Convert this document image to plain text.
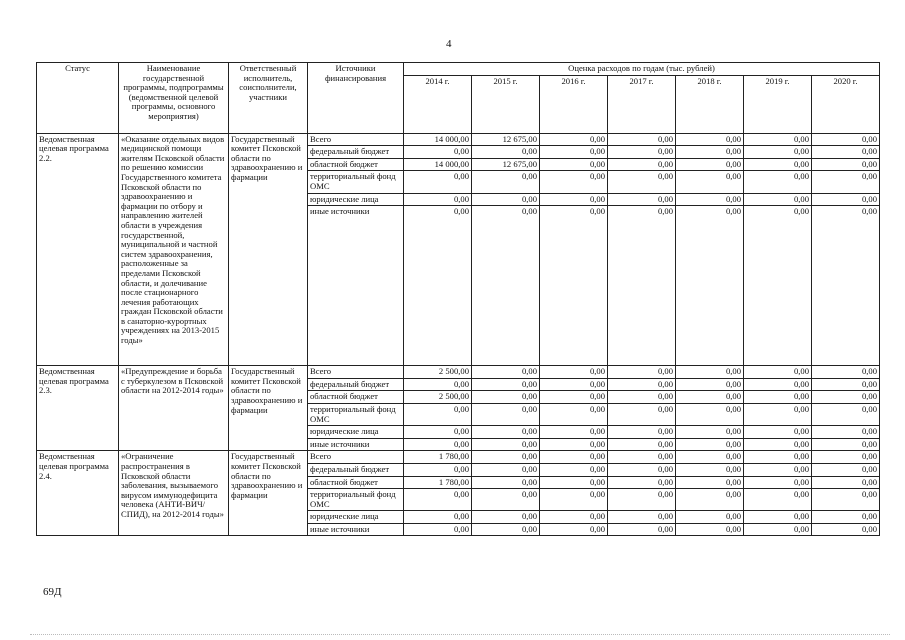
4
Статус	Наименование государственной программы, подпрограммы (ведомственной целевой программы, основного мероприятия)	Ответственный исполнитель, соисполнители, участники	Источники финансирования	Оценка расходов по годам (тыс. рублей)						
				2014 г.	2015 г.	2016 г.	2017 г.	2018 г.	2019 г.	2020 г.
Ведомственная целевая программа 2.2.	«Оказание отдельных видов медицинской помощи жителям Псковской области по решению комиссии Государственного комитета Псковской области по здравоохранению и фармации по отбору и направлению жителей области в учреждения государственной, муниципальной и частной систем здравоохранения, расположенные за пределами Псковской области, и долечивание после стационарного лечения работающих граждан Псковской области в санаторно-курортных учреждениях на 2013-2015 годы»	Государственный комитет Псковской области по здравоохранению и фармации	Всего	14 000,00	12 675,00	0,00	0,00	0,00	0,00	0,00
			федеральный бюджет	0,00	0,00	0,00	0,00	0,00	0,00	0,00
			областной бюджет	14 000,00	12 675,00	0,00	0,00	0,00	0,00	0,00
			территориальный фонд ОМС	0,00	0,00	0,00	0,00	0,00	0,00	0,00
			юридические лица	0,00	0,00	0,00	0,00	0,00	0,00	0,00
			иные источники	0,00	0,00	0,00	0,00	0,00	0,00	0,00
Ведомственная целевая программа 2.3.	«Предупреждение и борьба с туберкулезом в Псковской области на 2012-2014 годы»	Государственный комитет Псковской области по здравоохранению и фармации	Всего	2 500,00	0,00	0,00	0,00	0,00	0,00	0,00
			федеральный бюджет	0,00	0,00	0,00	0,00	0,00	0,00	0,00
			областной бюджет	2 500,00	0,00	0,00	0,00	0,00	0,00	0,00
			территориальный фонд ОМС	0,00	0,00	0,00	0,00	0,00	0,00	0,00
			юридические лица	0,00	0,00	0,00	0,00	0,00	0,00	0,00
			иные источники	0,00	0,00	0,00	0,00	0,00	0,00	0,00
Ведомственная целевая программа 2.4.	«Ограничение распространения в Псковской области заболевания, вызываемого вирусом иммунодефицита человека (АНТИ-ВИЧ/ СПИД), на 2012-2014 годы»	Государственный комитет Псковской области по здравоохранению и фармации	Всего	1 780,00	0,00	0,00	0,00	0,00	0,00	0,00
			федеральный бюджет	0,00	0,00	0,00	0,00	0,00	0,00	0,00
			областной бюджет	1 780,00	0,00	0,00	0,00	0,00	0,00	0,00
			территориальный фонд ОМС	0,00	0,00	0,00	0,00	0,00	0,00	0,00
			юридические лица	0,00	0,00	0,00	0,00	0,00	0,00	0,00
			иные источники	0,00	0,00	0,00	0,00	0,00	0,00	0,00
69Д
